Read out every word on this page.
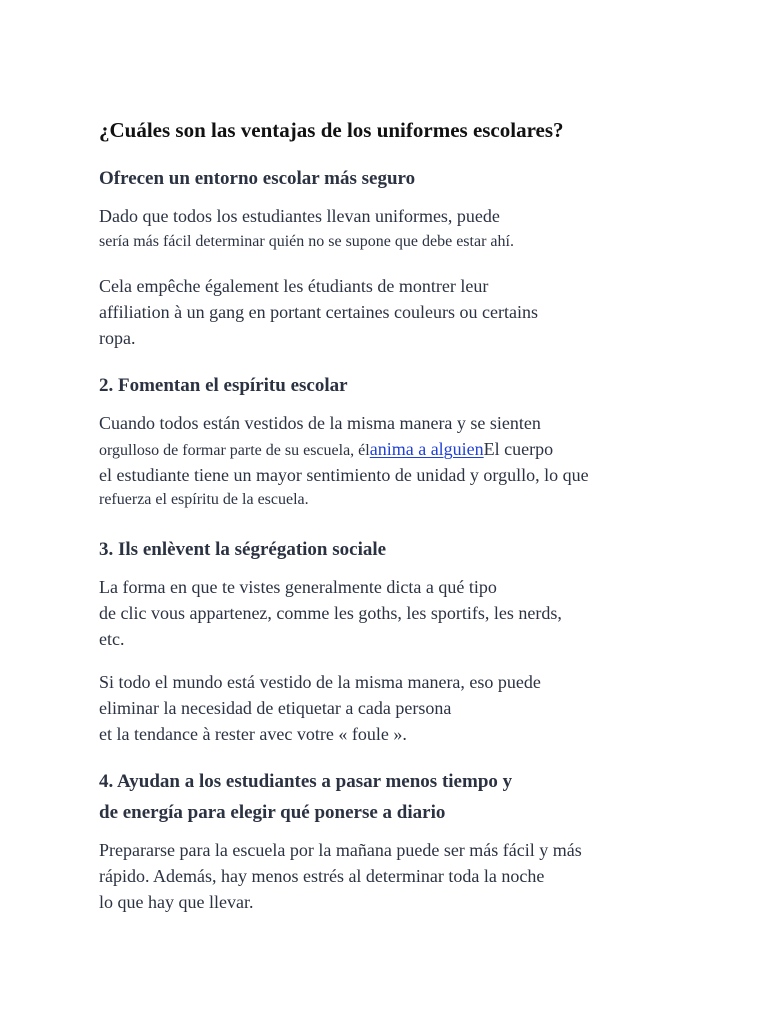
¿Cuáles son las ventajas de los uniformes escolares?
Ofrecen un entorno escolar más seguro
Dado que todos los estudiantes llevan uniformes, puede
sería más fácil determinar quién no se supone que debe estar ahí.
Cela empêche également les étudiants de montrer leur
affiliation à un gang en portant certaines couleurs ou certains
ropa.
2. Fomentan el espíritu escolar
Cuando todos están vestidos de la misma manera y se sienten
orgulloso de formar parte de su escuela, élanima a alguienEl cuerpo
el estudiante tiene un mayor sentimiento de unidad y orgullo, lo que
refuerza el espíritu de la escuela.
3. Ils enlèvent la ségrégation sociale
La forma en que te vistes generalmente dicta a qué tipo
de clic vous appartenez, comme les goths, les sportifs, les nerds,
etc.
Si todo el mundo está vestido de la misma manera, eso puede
eliminar la necesidad de etiquetar a cada persona
et la tendance à rester avec votre « foule ».
4. Ayudan a los estudiantes a pasar menos tiempo y
de energía para elegir qué ponerse a diario
Prepararse para la escuela por la mañana puede ser más fácil y más
rápido. Además, hay menos estrés al determinar toda la noche
lo que hay que llevar.
